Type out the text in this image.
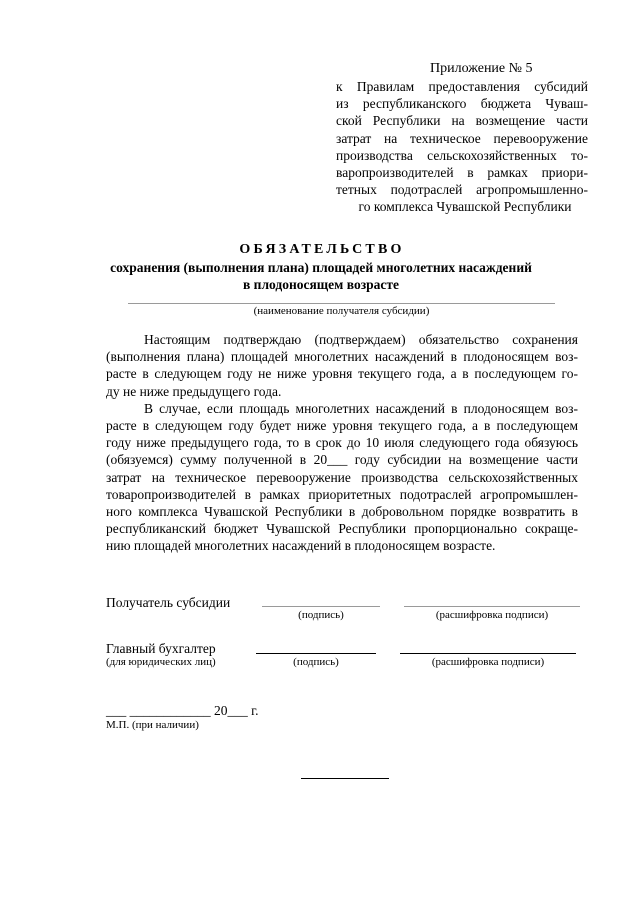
Приложение № 5
к Правилам предоставления субсидий
из республиканского бюджета Чуваш-
ской Республики на возмещение части
затрат на техническое перевооружение
производства сельскохозяйственных то-
варопроизводителей в рамках приори-
тетных подотраслей агропромышленно-
го комплекса Чувашской Республики
ОБЯЗАТЕЛЬСТВО
сохранения (выполнения плана) площадей многолетних насаждений
в плодоносящем возрасте
(наименование получателя субсидии)
Настоящим подтверждаю (подтверждаем) обязательство сохранения
(выполнения плана) площадей многолетних насаждений в плодоносящем воз-
расте в следующем году не ниже уровня текущего года, а в последующем го-
ду не ниже предыдущего года.
В случае, если площадь многолетних насаждений в плодоносящем воз-
расте в следующем году будет ниже уровня текущего года, а в последующем
году ниже предыдущего года, то в срок до 10 июля следующего года обязуюсь
(обязуемся) сумму полученной в 20___ году субсидии на возмещение части
затрат на техническое перевооружение производства сельскохозяйственных
товаропроизводителей в рамках приоритетных подотраслей агропромышлен-
ного комплекса Чувашской Республики в добровольном порядке возвратить в
республиканский бюджет Чувашской Республики пропорционально сокраще-
нию площадей многолетних насаждений в плодоносящем возрасте.
Получатель субсидии
(подпись)	(расшифровка подписи)
Главный бухгалтер
(для юридических лиц)	(подпись)	(расшифровка подписи)
___ ____________ 20___ г.
М.П. (при наличии)
